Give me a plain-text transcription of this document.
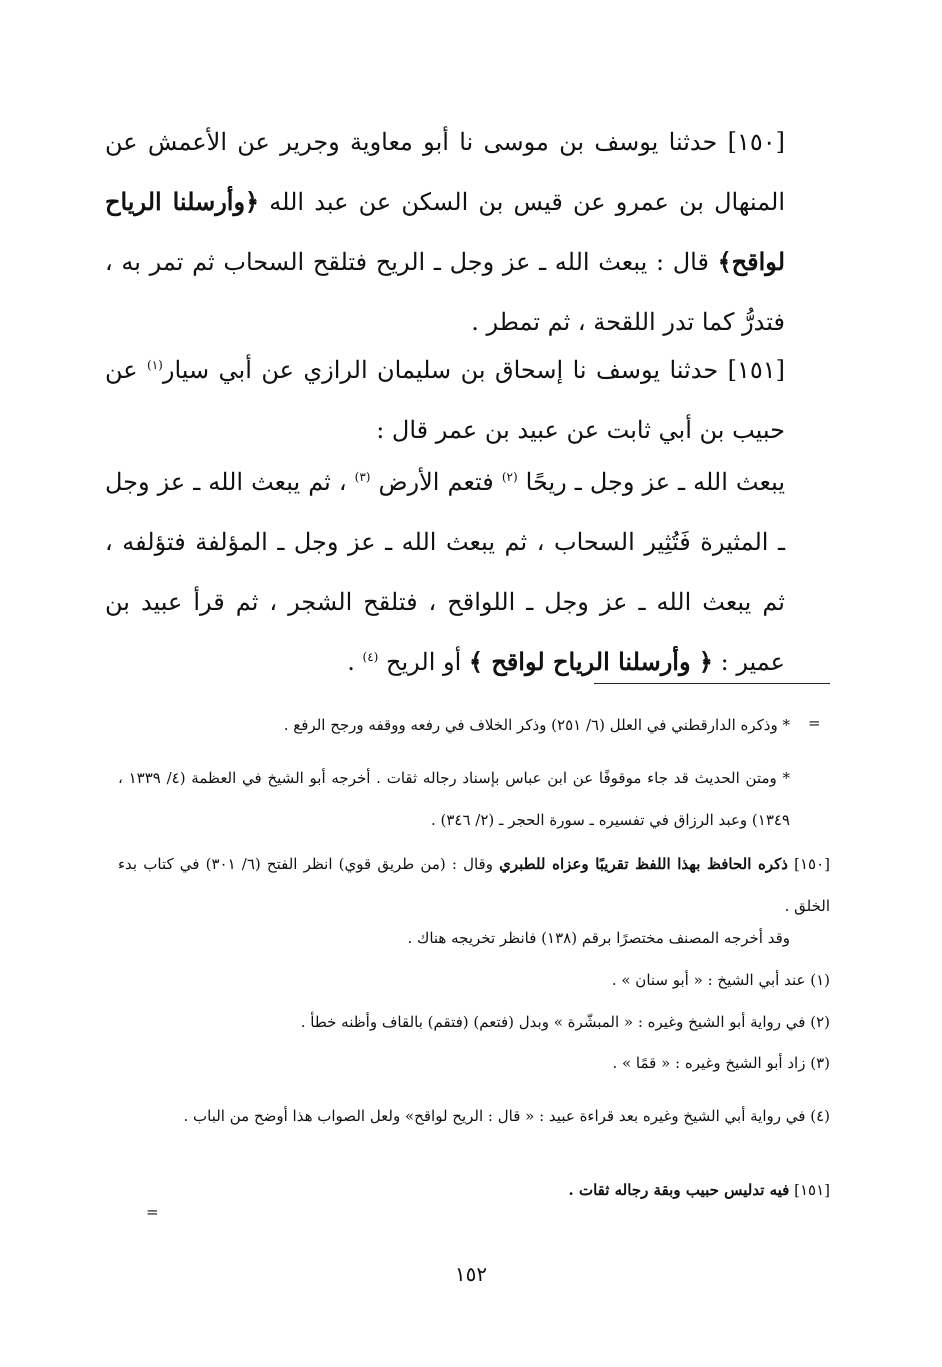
[١٥٠] حدثنا يوسف بن موسى نا أبو معاوية وجرير عن الأعمش عن المنهال بن عمرو عن قيس بن السكن عن عبد الله ﴿وأرسلنا الرياح لواقح﴾ قال : يبعث الله ـ عز وجل ـ الريح فتلقح السحاب ثم تمر به ، فتدرُّ كما تدر اللقحة ، ثم تمطر .

[١٥١] حدثنا يوسف نا إسحاق بن سليمان الرازي عن أبي سيار$^{(١)}$ عن حبيب بن أبي ثابت عن عبيد بن عمر قال :

يبعث الله ـ عز وجل ـ ريحًا $^{(٢)}$ فتعم الأرض $^{(٣)}$ ، ثم يبعث الله ـ عز وجل ـ المثيرة فَتُثِير السحاب ، ثم يبعث الله ـ عز وجل ـ المؤلفة فتؤلفه ، ثم يبعث الله ـ عز وجل ـ اللواقح ، فتلقح الشجر ، ثم قرأ عبيد بن عمير : ﴿ وأرسلنا الرياح لواقح ﴾ أو الريح $^{(٤)}$ .

=

* وذكره الدارقطني في العلل (٦/ ٢٥١) وذكر الخلاف في رفعه ووقفه ورجح الرفع .

* ومتن الحديث قد جاء موقوفًا عن ابن عباس بإسناد رجاله ثقات . أخرجه أبو الشيخ في العظمة (٤/ ١٣٣٩ ، ١٣٤٩) وعبد الرزاق في تفسيره ـ سورة الحجر ـ (٢/ ٣٤٦) .

[١٥٠] ذكره الحافظ بهذا اللفظ تقريبًا وعزاه للطبري وقال : (من طريق قوي) انظر الفتح (٦/ ٣٠١) في كتاب بدء الخلق .

وقد أخرجه المصنف مختصرًا برقم (١٣٨) فانظر تخريجه هناك .

(١) عند أبي الشيخ : « أبو سنان » .

(٢) في رواية أبو الشيخ وغيره : « المبشّرة » وبدل (فتعم) (فتقم) بالقاف وأظنه خطأ .

(٣) زاد أبو الشيخ وغيره : « قمًا » .

(٤) في رواية أبي الشيخ وغيره بعد قراءة عبيد : « قال : الريح لواقح» ولعل الصواب هذا أوضح من الباب .

[١٥١] فيه تدليس حبيب وبقة رجاله ثقات .

=
١٥٢
